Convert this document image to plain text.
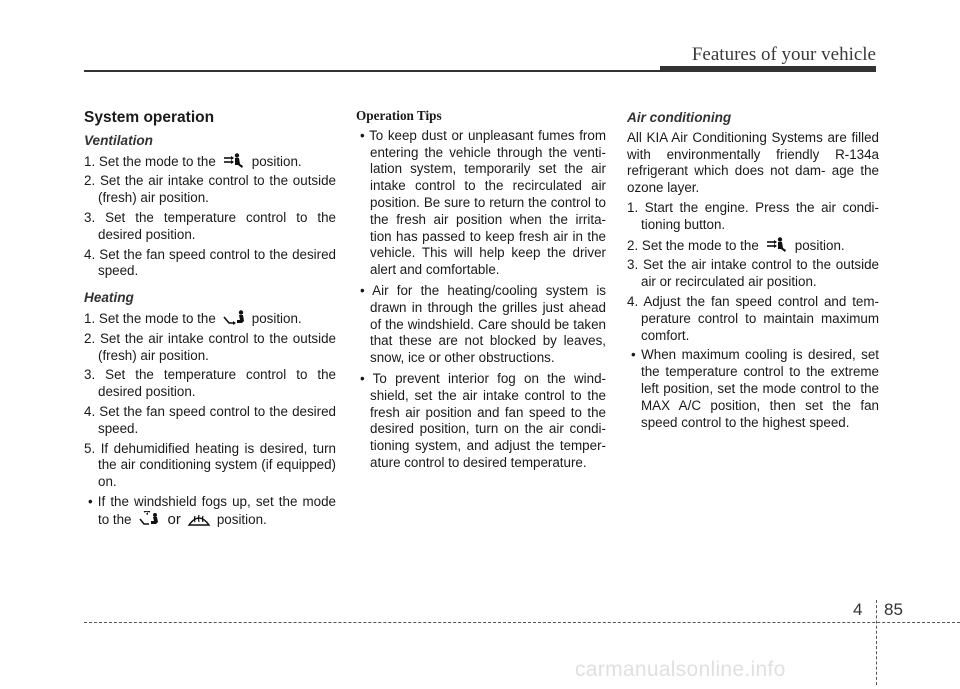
Features of your vehicle
System operation
Ventilation
1. Set the mode to the	position.
2. Set the air intake control to the outside (fresh) air position.
3. Set the temperature control to the desired position.
4. Set the fan speed control to the desired speed.
Heating
1. Set the mode to the	position.
2. Set the air intake control to the outside (fresh) air position.
3. Set the temperature control to the desired position.
4. Set the fan speed control to the desired speed.
5. If dehumidified heating is desired, turn the air conditioning system (if equipped) on.
• If the windshield fogs up, set the mode to the or	position.
Operation Tips
• To keep dust or unpleasant fumes from entering the vehicle through the venti- lation system, temporarily set the air intake control to the recirculated air position. Be sure to return the control to the fresh air position when the irrita- tion has passed to keep fresh air in the vehicle. This will help keep the driver alert and comfortable.
• Air for the heating/cooling system is drawn in through the grilles just ahead of the windshield. Care should be taken that these are not blocked by leaves, snow, ice or other obstructions.
• To prevent interior fog on the wind- shield, set the air intake control to the fresh air position and fan speed to the desired position, turn on the air condi- tioning system, and adjust the temper- ature control to desired temperature.
Air conditioning

All KIA Air Conditioning Systems are filled with environmentally friendly R-134a refrigerant which does not dam- age the ozone layer.

1. Start the engine. Press the air condi- tioning button.
2. Set the mode to the	position.
3. Set the air intake control to the outside air or recirculated air position.
4. Adjust the fan speed control and tem- perature control to maintain maximum comfort.
• When maximum cooling is desired, set the temperature control to the extreme left position, set the mode control to the MAX A/C position, then set the fan speed control to the highest speed.
4 85
carmanualsonline.info
